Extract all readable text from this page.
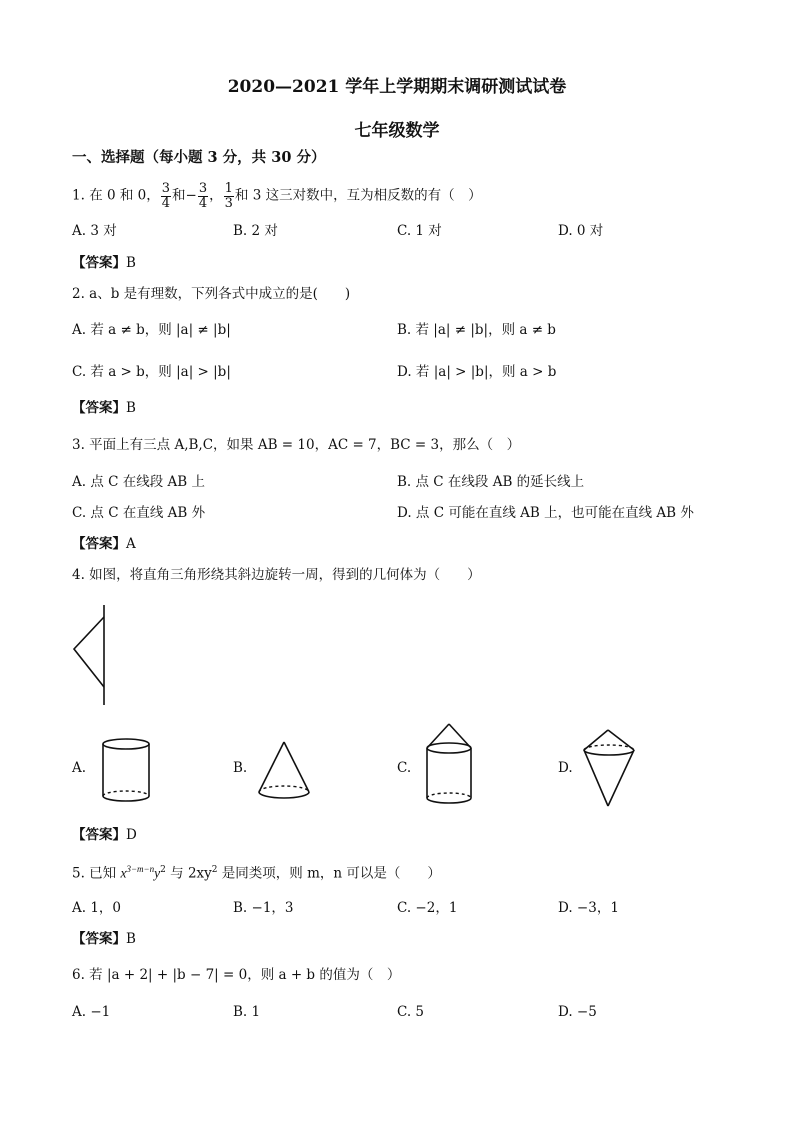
2020—2021 学年上学期期末调研测试试卷
七年级数学
一、选择题（每小题 3 分，共 30 分）
1. 在 0 和 0， $\frac{3}{4}$ 和− $\frac{3}{4}$ ， $\frac{1}{3}$ 和 3 这三对数中，互为相反数的有（　）
A. 3 对	B. 2 对	C. 1 对	D. 0 对
【答案】B
2. a、b 是有理数，下列各式中成立的是(　　)
A. 若 a ≠ b，则 |a| ≠ |b|	B. 若 |a| ≠ |b|，则 a ≠ b
C. 若 a > b，则 |a| > |b|	D. 若 |a| > |b|，则 a > b
【答案】B
3. 平面上有三点 A,B,C，如果 AB = 10，AC = 7，BC = 3，那么（　）
A. 点 C 在线段 AB 上	B. 点 C 在线段 AB 的延长线上
C. 点 C 在直线 AB 外	D. 点 C 可能在直线 AB 上，也可能在直线 AB 外
【答案】A
4. 如图，将直角三角形绕其斜边旋转一周，得到的几何体为（　　）
A.	B.	C.	D.
【答案】D
5. 已知 $x^{3-m-n}y^2$ 与 $2xy^2$ 是同类项，则 m，n 可以是（　　）
A. 1，0	B. −1，3	C. −2，1	D. −3，1
【答案】B
6. 若 |a + 2| + |b − 7| = 0，则 a + b 的值为（　）
A. −1	B. 1	C. 5	D. −5
